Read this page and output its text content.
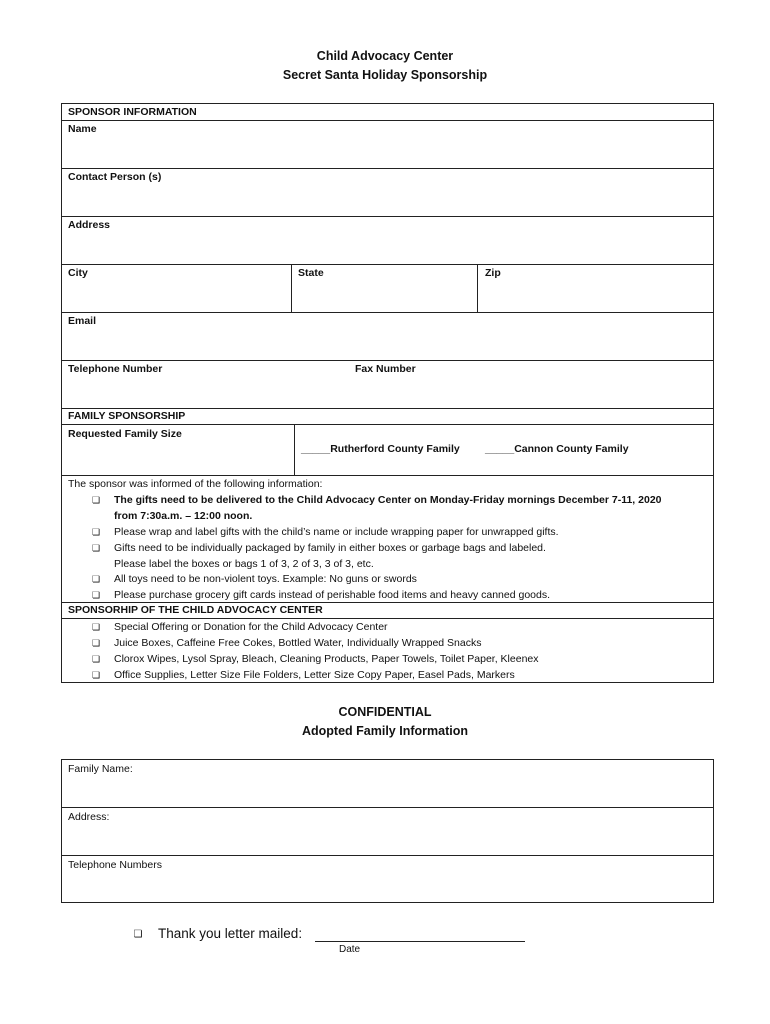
Child Advocacy Center
Secret Santa Holiday Sponsorship
SPONSOR INFORMATION
Name
Contact Person (s)
Address
City	State	Zip
Email
Telephone Number	Fax Number
FAMILY SPONSORSHIP
Requested Family Size
_____Rutherford County Family _____Cannon County Family
The sponsor was informed of the following information:
❏ The gifts need to be delivered to the Child Advocacy Center on Monday-Friday mornings December 7-11, 2020
from 7:30a.m. – 12:00 noon.
❏ Please wrap and label gifts with the child’s name or include wrapping paper for unwrapped gifts.
❏ Gifts need to be individually packaged by family in either boxes or garbage bags and labeled.
Please label the boxes or bags 1 of 3, 2 of 3, 3 of 3, etc.
❏ All toys need to be non-violent toys. Example: No guns or swords
❏ Please purchase grocery gift cards instead of perishable food items and heavy canned goods.
SPONSORHIP OF THE CHILD ADVOCACY CENTER
❏ Special Offering or Donation for the Child Advocacy Center
❏ Juice Boxes, Caffeine Free Cokes, Bottled Water, Individually Wrapped Snacks
❏ Clorox Wipes, Lysol Spray, Bleach, Cleaning Products, Paper Towels, Toilet Paper, Kleenex
❏ Office Supplies, Letter Size File Folders, Letter Size Copy Paper, Easel Pads, Markers
CONFIDENTIAL
Adopted Family Information
Family Name:
Address:
Telephone Numbers
❏ Thank you letter mailed:
Date
